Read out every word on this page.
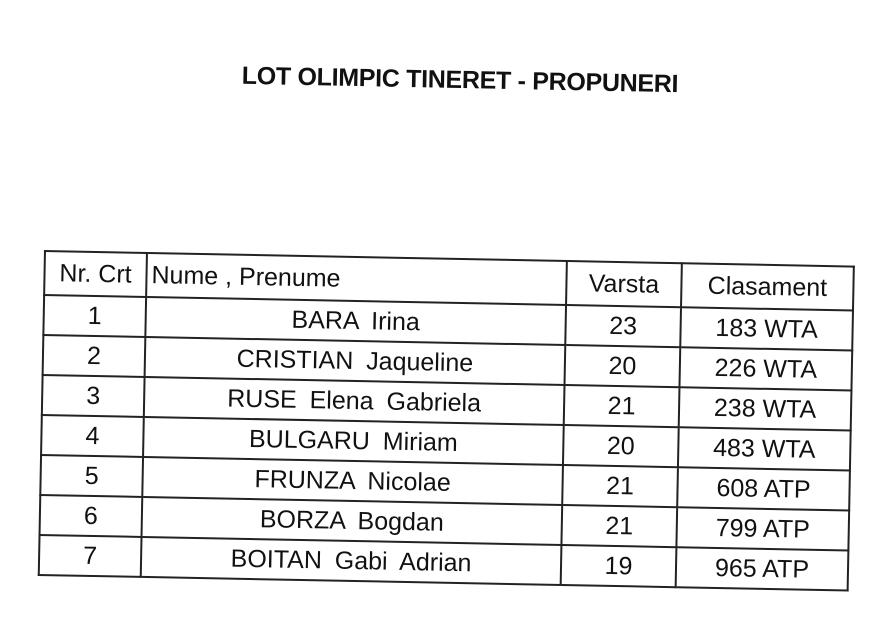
LOT OLIMPIC TINERET - PROPUNERI
Nr. Crt	Nume , Prenume	Varsta	Clasament
1	BARA Irina	23	183 WTA
2	CRISTIAN Jaqueline	20	226 WTA
3	RUSE Elena Gabriela	21	238 WTA
4	BULGARU Miriam	20	483 WTA
5	FRUNZA Nicolae	21	608 ATP
6	BORZA Bogdan	21	799 ATP
7	BOITAN Gabi Adrian	19	965 ATP
